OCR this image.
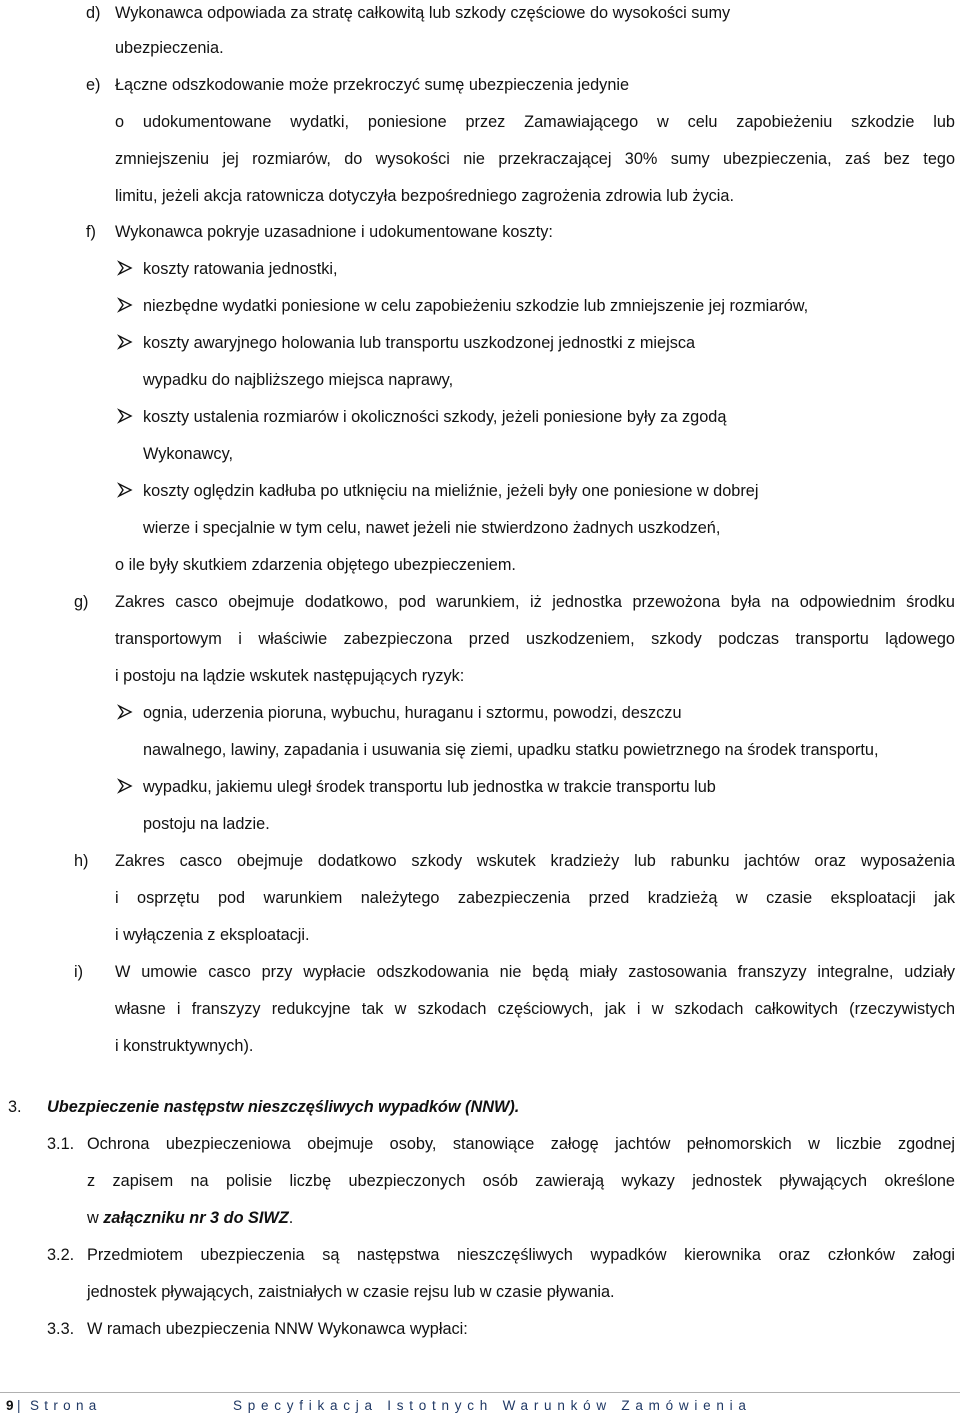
d) Wykonawca odpowiada za stratę całkowitą lub szkody częściowe do wysokości sumy
ubezpieczenia.
e) Łączne odszkodowanie może przekroczyć sumę ubezpieczenia jedynie
o udokumentowane wydatki, poniesione przez Zamawiającego w celu zapobieżeniu szkodzie lub
zmniejszeniu jej rozmiarów, do wysokości nie przekraczającej 30% sumy ubezpieczenia, zaś bez tego
limitu, jeżeli akcja ratownicza dotyczyła bezpośredniego zagrożenia zdrowia lub życia.
f) Wykonawca pokryje uzasadnione i udokumentowane koszty:
koszty ratowania jednostki,
niezbędne wydatki poniesione w celu zapobieżeniu szkodzie lub zmniejszenie jej rozmiarów,
koszty awaryjnego holowania lub transportu uszkodzonej jednostki z miejsca
wypadku do najbliższego miejsca naprawy,
koszty ustalenia rozmiarów i okoliczności szkody, jeżeli poniesione były za zgodą
Wykonawcy,
koszty oględzin kadłuba po utknięciu na mieliźnie, jeżeli były one poniesione w dobrej
wierze i specjalnie w tym celu, nawet jeżeli nie stwierdzono żadnych uszkodzeń,
o ile były skutkiem zdarzenia objętego ubezpieczeniem.
g) Zakres casco obejmuje dodatkowo, pod warunkiem, iż jednostka przewożona była na odpowiednim środku
transportowym i właściwie zabezpieczona przed uszkodzeniem, szkody podczas transportu lądowego
i postoju na lądzie wskutek następujących ryzyk:
ognia, uderzenia pioruna, wybuchu, huraganu i sztormu, powodzi, deszczu
nawalnego, lawiny, zapadania i usuwania się ziemi, upadku statku powietrznego na środek transportu,
wypadku, jakiemu uległ środek transportu lub jednostka w trakcie transportu lub
postoju na ladzie.
h) Zakres casco obejmuje dodatkowo szkody wskutek kradzieży lub rabunku jachtów oraz wyposażenia
i osprzętu pod warunkiem należytego zabezpieczenia przed kradzieżą w czasie eksploatacji jak
i wyłączenia z eksploatacji.
i) W umowie casco przy wypłacie odszkodowania nie będą miały zastosowania franszyzy integralne, udziały
własne i franszyzy redukcyjne tak w szkodach częściowych, jak i w szkodach całkowitych (rzeczywistych
i konstruktywnych).
3. Ubezpieczenie następstw nieszczęśliwych wypadków (NNW).
3.1. Ochrona ubezpieczeniowa obejmuje osoby, stanowiące załogę jachtów pełnomorskich w liczbie zgodnej
z zapisem na polisie liczbę ubezpieczonych osób zawierają wykazy jednostek pływających określone
w załączniku nr 3 do SIWZ.
3.2. Przedmiotem ubezpieczenia są następstwa nieszczęśliwych wypadków kierownika oraz członków załogi
jednostek pływających, zaistniałych w czasie rejsu lub w czasie pływania.
3.3. W ramach ubezpieczenia NNW Wykonawca wypłaci:
9 | Strona	Specyfikacja Istotnych Warunków Zamówienia
